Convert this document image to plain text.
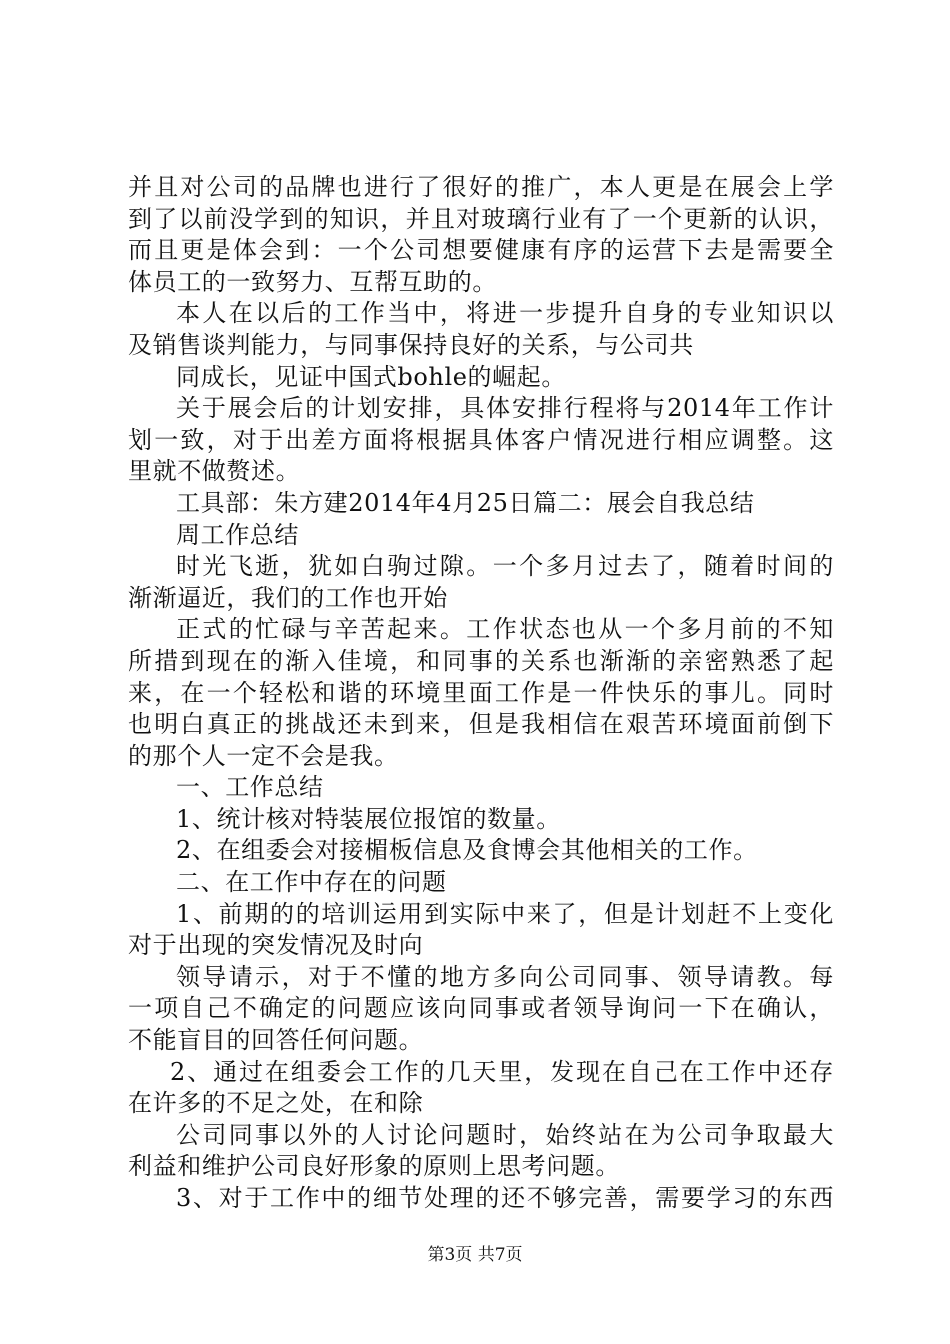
并且对公司的品牌也进行了很好的推广，本人更是在展会上学
到了以前没学到的知识，并且对玻璃行业有了一个更新的认识，
而且更是体会到：一个公司想要健康有序的运营下去是需要全
体员工的一致努力、互帮互助的。
本人在以后的工作当中，将进一步提升自身的专业知识以
及销售谈判能力，与同事保持良好的关系，与公司共
同成长，见证中国式bohle的崛起。
关于展会后的计划安排，具体安排行程将与2014年工作计
划一致，对于出差方面将根据具体客户情况进行相应调整。这
里就不做赘述。
工具部：朱方建2014年4月25日篇二：展会自我总结
周工作总结
时光飞逝，犹如白驹过隙。一个多月过去了，随着时间的
渐渐逼近，我们的工作也开始
正式的忙碌与辛苦起来。工作状态也从一个多月前的不知
所措到现在的渐入佳境，和同事的关系也渐渐的亲密熟悉了起
来，在一个轻松和谐的环境里面工作是一件快乐的事儿。同时
也明白真正的挑战还未到来，但是我相信在艰苦环境面前倒下
的那个人一定不会是我。
一、工作总结
1、统计核对特装展位报馆的数量。
2、在组委会对接楣板信息及食博会其他相关的工作。
二、在工作中存在的问题
1、前期的的培训运用到实际中来了，但是计划赶不上变化
对于出现的突发情况及时向
领导请示，对于不懂的地方多向公司同事、领导请教。每
一项自己不确定的问题应该向同事或者领导询问一下在确认，
不能盲目的回答任何问题。
2、通过在组委会工作的几天里，发现在自己在工作中还存
在许多的不足之处，在和除
公司同事以外的人讨论问题时，始终站在为公司争取最大
利益和维护公司良好形象的原则上思考问题。
3、对于工作中的细节处理的还不够完善，需要学习的东西
第3页 共7页
